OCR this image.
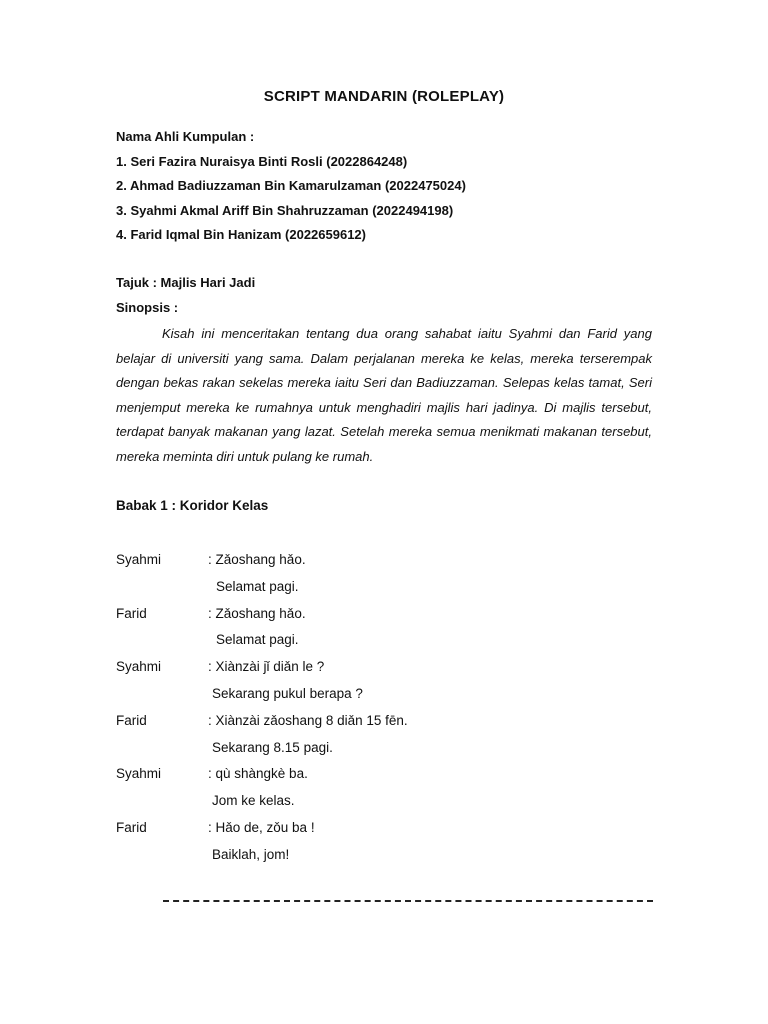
SCRIPT MANDARIN (ROLEPLAY)
Nama Ahli Kumpulan :
1. Seri Fazira Nuraisya Binti Rosli (2022864248)
2. Ahmad Badiuzzaman Bin Kamarulzaman (2022475024)
3. Syahmi Akmal Ariff Bin Shahruzzaman (2022494198)
4. Farid Iqmal Bin Hanizam (2022659612)
Tajuk : Majlis Hari Jadi
Sinopsis :
Kisah ini menceritakan tentang dua orang sahabat iaitu Syahmi dan Farid yang belajar di universiti yang sama. Dalam perjalanan mereka ke kelas, mereka terserempak dengan bekas rakan sekelas mereka iaitu Seri dan Badiuzzaman. Selepas kelas tamat, Seri menjemput mereka ke rumahnya untuk menghadiri majlis hari jadinya. Di majlis tersebut, terdapat banyak makanan yang lazat. Setelah mereka semua menikmati makanan tersebut, mereka meminta diri untuk pulang ke rumah.
Babak 1 : Koridor Kelas
Syahmi	: Zǎoshang hǎo.
Selamat pagi.
Farid	: Zǎoshang hǎo.
Selamat pagi.
Syahmi	: Xiànzài jǐ diǎn le ?
Sekarang pukul berapa ?
Farid	: Xiànzài zǎoshang 8 diǎn 15 fēn.
Sekarang 8.15 pagi.
Syahmi	: qù shàngkè ba.
Jom ke kelas.
Farid	: Hǎo de, zǒu ba !
Baiklah, jom!
